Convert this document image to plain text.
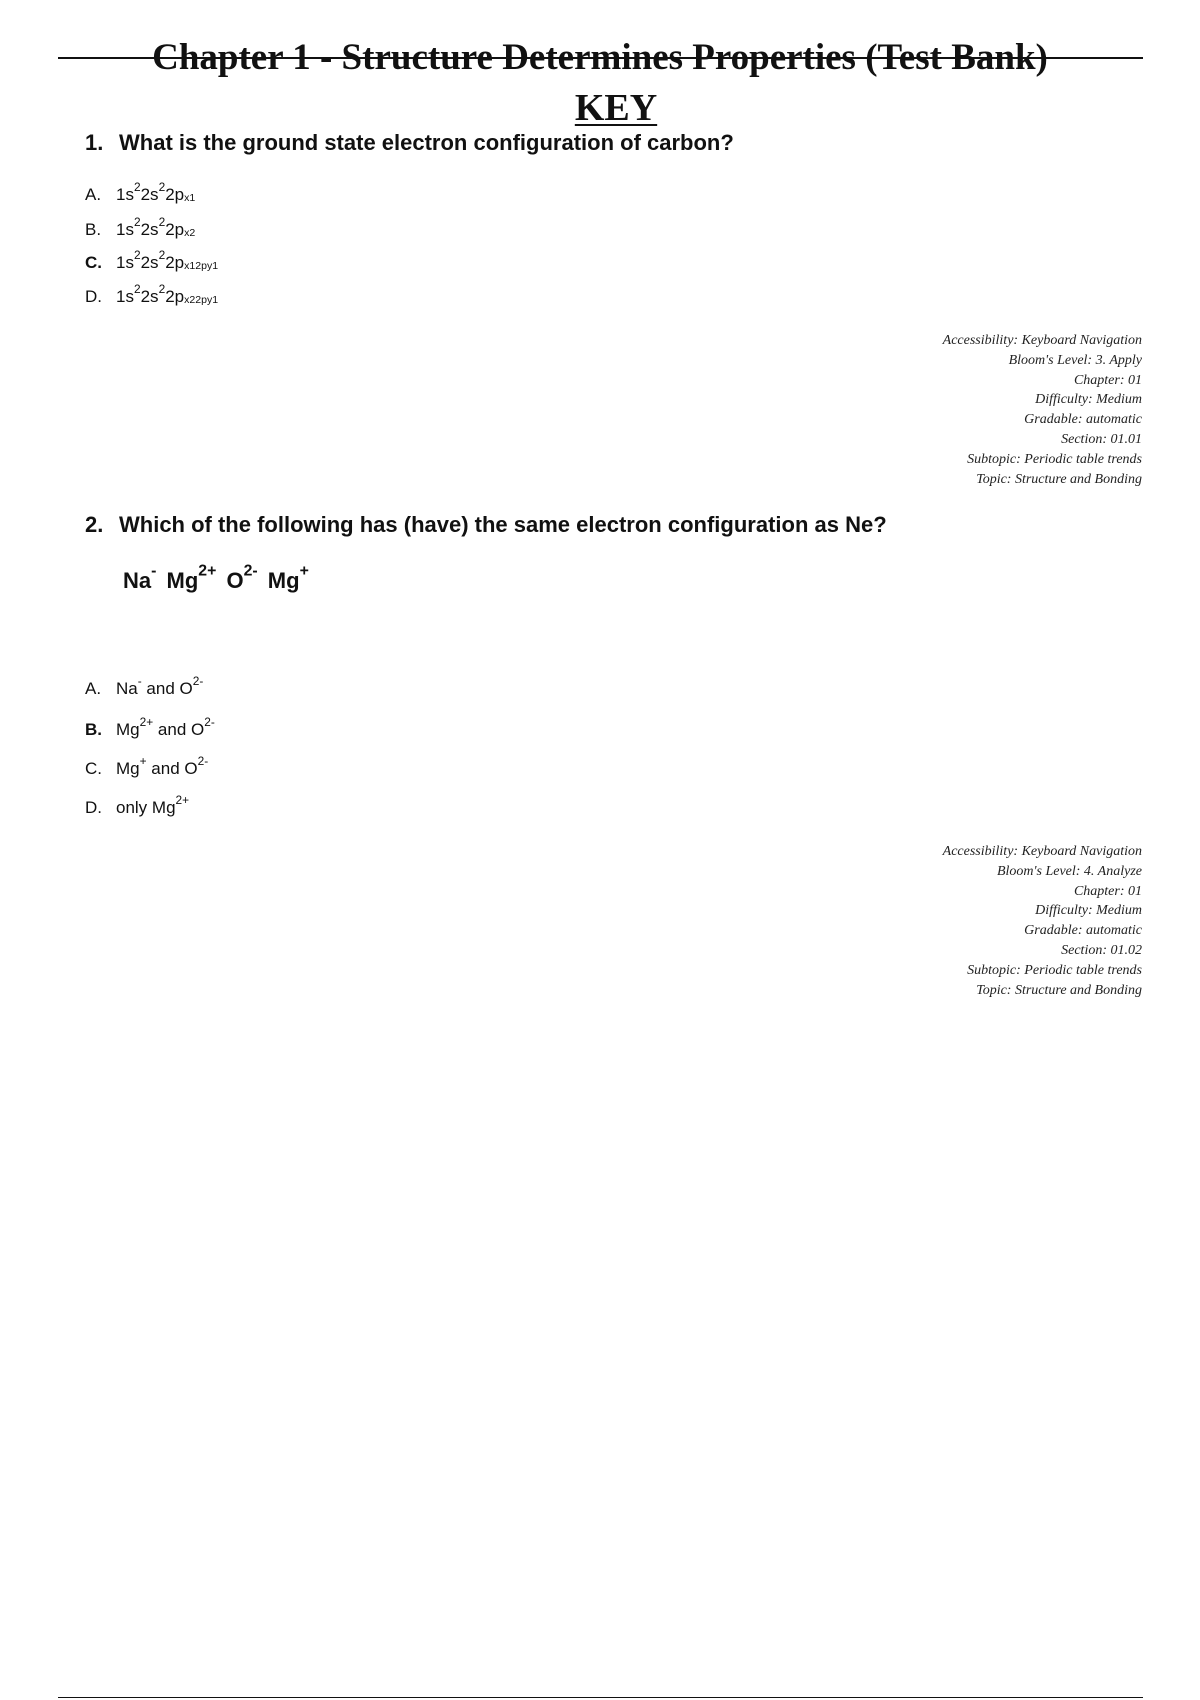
Chapter 1 - Structure Determines Properties (Test Bank)
KEY
1. What is the ground state electron configuration of carbon?
A. $1s^22s^22px1$
B. $1s^22s^22px2$
C. $1s^22s^22px12py1$
D. $1s^22s^22px22py1$
Accessibility: Keyboard Navigation
Bloom's Level: 3. Apply
Chapter: 01
Difficulty: Medium
Gradable: automatic
Section: 01.01
Subtopic: Periodic table trends
Topic: Structure and Bonding
2. Which of the following has (have) the same electron configuration as Ne?
Na- $Mg^{2+}$ $O^{2-}$ Mg+
A. Na- and $O^{2-}$
B. $Mg^{2+}$ and $O^{2-}$
C. Mg+ and $O^{2-}$
D. only $Mg^{2+}$
Accessibility: Keyboard Navigation
Bloom's Level: 4. Analyze
Chapter: 01
Difficulty: Medium
Gradable: automatic
Section: 01.02
Subtopic: Periodic table trends
Topic: Structure and Bonding
